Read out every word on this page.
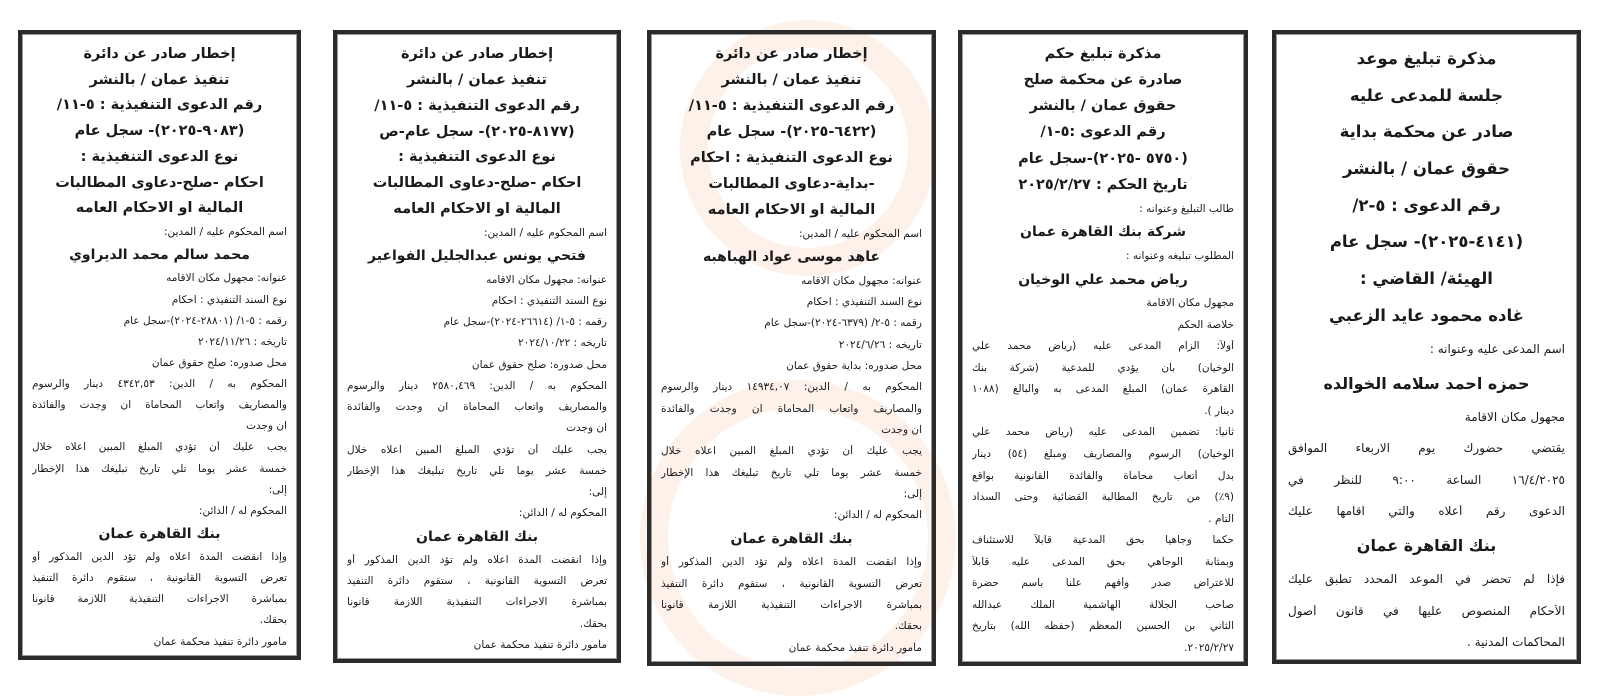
إخطار صادر عن دائرة
تنفيذ عمان / بالنشر
رقم الدعوى التنفيذية : ٥-١١/
(٩٠٨٣-٢٠٢٥)- سجل عام
نوع الدعوى التنفيذية :
احكام -صلح-دعاوى المطالبات
المالية او الاحكام العامه
اسم المحكوم عليه / المدين:
محمد سالم محمد الديراوي
عنوانه: مجهول مكان الاقامه
نوع السند التنفيذي : احكام
رقمه : ٥-١/ (٢٨٨٠١-٢٠٢٤)-سجل عام
تاريخه : ٢٠٢٤/١١/٢٦
محل صدوره: صلح حقوق عمان
المحكوم به / الدين: ٤٣٤٢,٥٣ دينار والرسوم
والمصاريف واتعاب المحاماة ان وجدت والفائدة
ان وجدت
يجب عليك أن تؤدي المبلغ المبين اعلاه خلال
خمسة عشر يوما تلي تاريخ تبليغك هذا الإخطار
إلى:
المحكوم له / الدائن:
بنك القاهرة عمان
وإذا انقضت المدة اعلاه ولم تؤد الدين المذكور أو
تعرض التسوية القانونية ، ستقوم دائرة التنفيذ
بمباشرة الاجراءات التنفيذية اللازمة قانونا
بحقك.
مأمور دائرة تنفيذ محكمة عمان
إخطار صادر عن دائرة
تنفيذ عمان / بالنشر
رقم الدعوى التنفيذية : ٥-١١/
(٨١٧٧-٢٠٢٥)- سجل عام-ص
نوع الدعوى التنفيذية :
احكام -صلح-دعاوى المطالبات
المالية او الاحكام العامه
اسم المحكوم عليه / المدين:
فتحي يونس عبدالجليل الفواعير
عنوانه: مجهول مكان الاقامه
نوع السند التنفيذي : احكام
رقمه : ٥-١/ (٢٦٦١٤-٢٠٢٤)-سجل عام
تاريخه : ٢٠٢٤/١٠/٢٢
محل صدوره: صلح حقوق عمان
المحكوم به / الدين: ٢٥٨٠,٤٦٩ دينار والرسوم
والمصاريف واتعاب المحاماة ان وجدت والفائدة
ان وجدت
يجب عليك أن تؤدي المبلغ المبين اعلاه خلال
خمسة عشر يوما تلي تاريخ تبليغك هذا الإخطار
إلى:
المحكوم له / الدائن:
بنك القاهرة عمان
وإذا انقضت المدة اعلاه ولم تؤد الدين المذكور أو
تعرض التسوية القانونية ، ستقوم دائرة التنفيذ
بمباشرة الاجراءات التنفيذية اللازمة قانونا
بحقك.
مأمور دائرة تنفيذ محكمة عمان
إخطار صادر عن دائرة
تنفيذ عمان / بالنشر
رقم الدعوى التنفيذية : ٥-١١/
(٦٤٢٢-٢٠٢٥)- سجل عام
نوع الدعوى التنفيذية : احكام
-بداية-دعاوى المطالبات
المالية او الاحكام العامه
اسم المحكوم عليه / المدين:
عاهد موسى عواد الهباهبه
عنوانه: مجهول مكان الاقامه
نوع السند التنفيذي : احكام
رقمه : ٥-٢/ (٦٣٧٩-٢٠٢٤)-سجل عام
تاريخه : ٢٠٢٤/٦/٢٦
محل صدوره: بداية حقوق عمان
المحكوم به / الدين: ١٤٩٣٤,٠٧ دينار والرسوم
والمصاريف واتعاب المحاماة ان وجدت والفائدة
ان وجدت
يجب عليك أن تؤدي المبلغ المبين اعلاه خلال
خمسة عشر يوما تلي تاريخ تبليغك هذا الإخطار
إلى:
المحكوم له / الدائن:
بنك القاهرة عمان
وإذا انقضت المدة اعلاه ولم تؤد الدين المذكور أو
تعرض التسوية القانونية ، ستقوم دائرة التنفيذ
بمباشرة الاجراءات التنفيذية اللازمة قانونا
بحقك.
مأمور دائرة تنفيذ محكمة عمان
مذكرة تبليغ حكم
صادرة عن محكمة صلح
حقوق عمان / بالنشر
رقم الدعوى :٥-١/
(٥٧٥٠ -٢٠٢٥)-سجل عام
تاريخ الحكم : ٢٠٢٥/٢/٢٧
طالب التبليغ وعنوانه :
شركة بنك القاهرة عمان
المطلوب تبليغه وعنوانه :
رياض محمد علي الوخيان
مجهول مكان الاقامة
خلاصة الحكم
أولاً: الزام المدعى عليه (رياض محمد علي
الوخيان) بأن يؤدي للمدعية (شركة بنك
القاهرة عمان) المبلغ المدعى به والبالغ (١٠٨٨
دينار ).
ثانياً: تضمين المدعى عليه (رياض محمد علي
الوخيان) الرسوم والمصاريف ومبلغ (٥٤) دينار
بدل أتعاب محاماة والفائدة القانونية بواقع
(٩٪) من تاريخ المطالبة القضائية وحتى السداد
التام .
حكماً وجاهياً بحق المدعية قابلاً للاستئناف
وبمثابة الوجاهي بحق المدعى عليه قابلاً
للاعتراض صدر وأفهم علناً باسم حضرة
صاحب الجلالة الهاشمية الملك عبدالله
الثاني بن الحسين المعظم (حفظه الله) بتاريخ
٢٠٢٥/٢/٢٧.
مذكرة تبليغ موعد
جلسة للمدعى عليه
صادر عن محكمة بداية
حقوق عمان / بالنشر
رقم الدعوى : ٥-٢/
(٤١٤١-٢٠٢٥)- سجل عام
الهيئة/ القاضي :
غاده محمود عايد الزعبي
اسم المدعى عليه وعنوانه :
حمزه احمد سلامه الخوالده
مجهول مكان الاقامة
يقتضي حضورك يوم الاربعاء الموافق
١٦/٤/٢٠٢٥ الساعة ٩:٠٠ للنظر في
الدعوى رقم أعلاه والتي اقامها عليك
بنك القاهرة عمان
فإذا لم تحضر في الموعد المحدد تطبق عليك
الأحكام المنصوص عليها في قانون أصول
المحاكمات المدنية .
